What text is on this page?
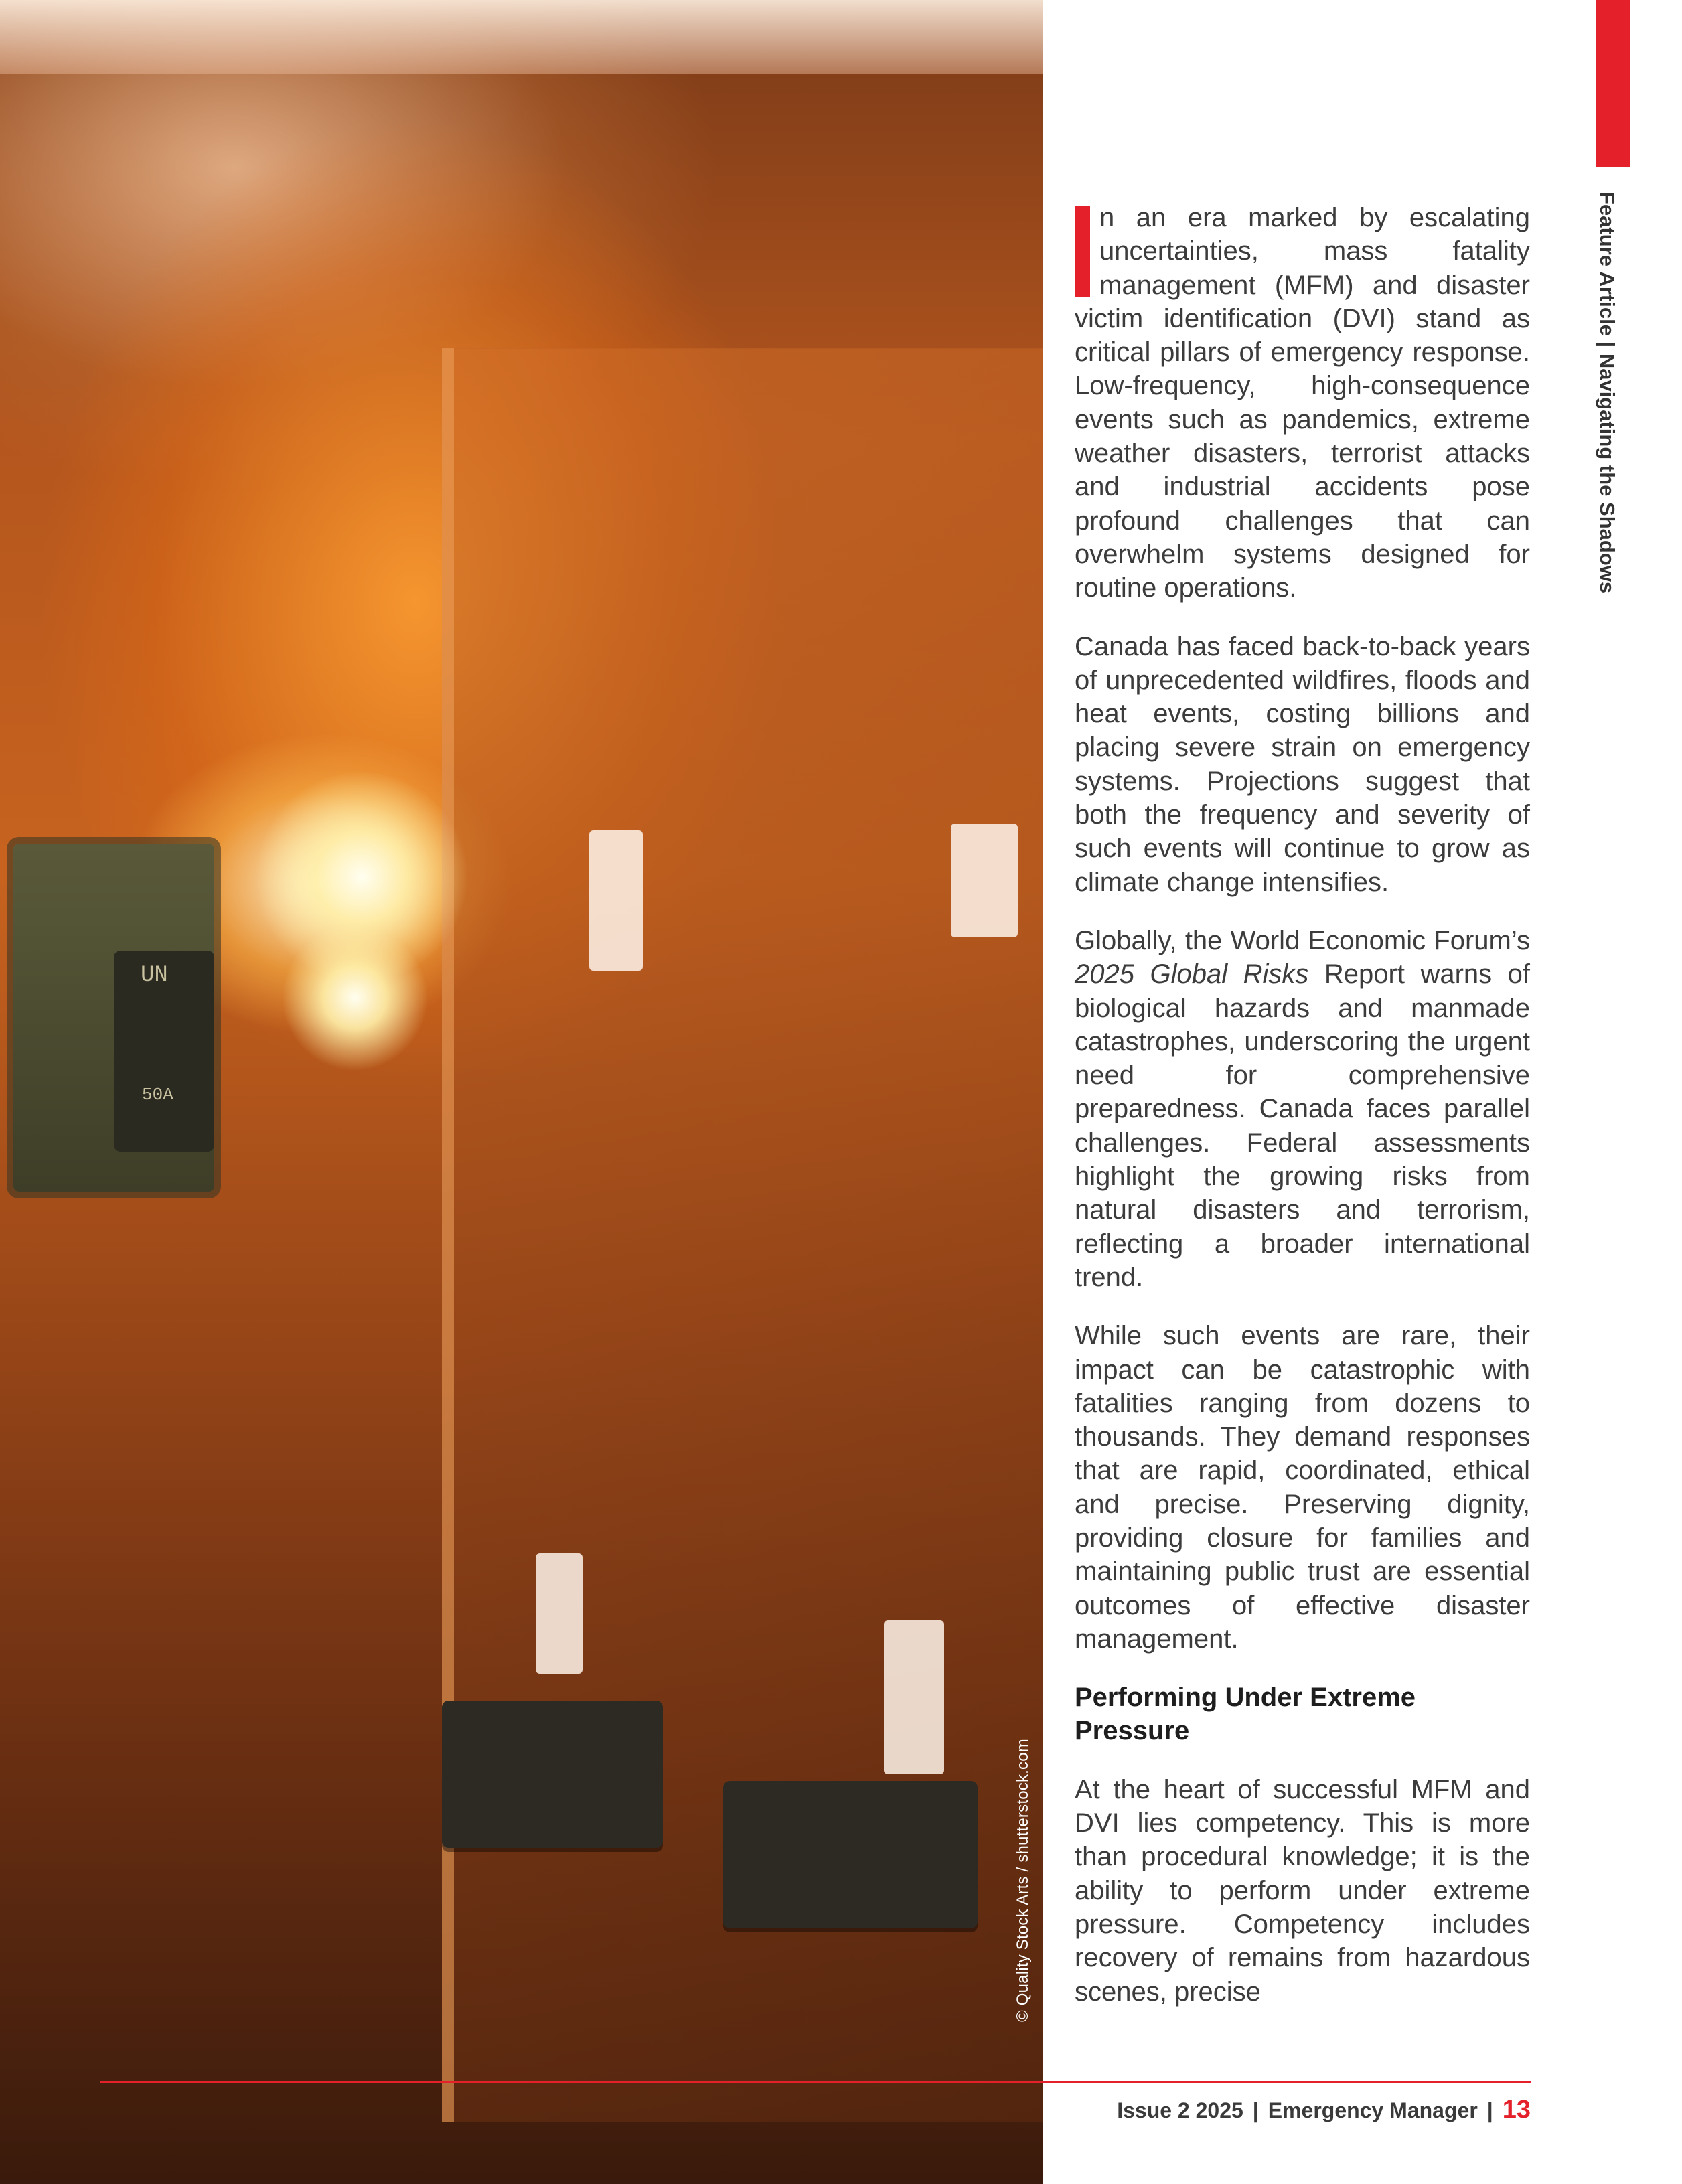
UN
50A
© Quality Stock Arts / shutterstock.com
Feature Article | Navigating the Shadows

n an era marked by escalating uncertainties, mass fatality management (MFM) and disaster victim identification (DVI) stand as critical pillars of emergency response. Low-frequency, high-consequence events such as pandemics, extreme weather disasters, terrorist attacks and industrial accidents pose profound challenges that can overwhelm systems designed for routine operations.

Canada has faced back-to-back years of unprecedented wildfires, floods and heat events, costing billions and placing severe strain on emergency systems. Projections suggest that both the frequency and severity of such events will continue to grow as climate change intensifies.

Globally, the World Economic Forum’s 2025 Global Risks Report warns of biological hazards and manmade catastrophes, underscoring the urgent need for comprehensive preparedness. Canada faces parallel challenges. Federal assessments highlight the growing risks from natural disasters and terrorism, reflecting a broader international trend.

While such events are rare, their impact can be catastrophic with fatalities ranging from dozens to thousands. They demand responses that are rapid, coordinated, ethical and precise. Preserving dignity, providing closure for families and maintaining public trust are essential outcomes of effective disaster management.

Performing Under Extreme Pressure

At the heart of successful MFM and DVI lies competency. This is more than procedural knowledge; it is the ability to perform under extreme pressure. Competency includes recovery of remains from hazardous scenes, precise

Issue 2 2025 | Emergency Manager | 13
